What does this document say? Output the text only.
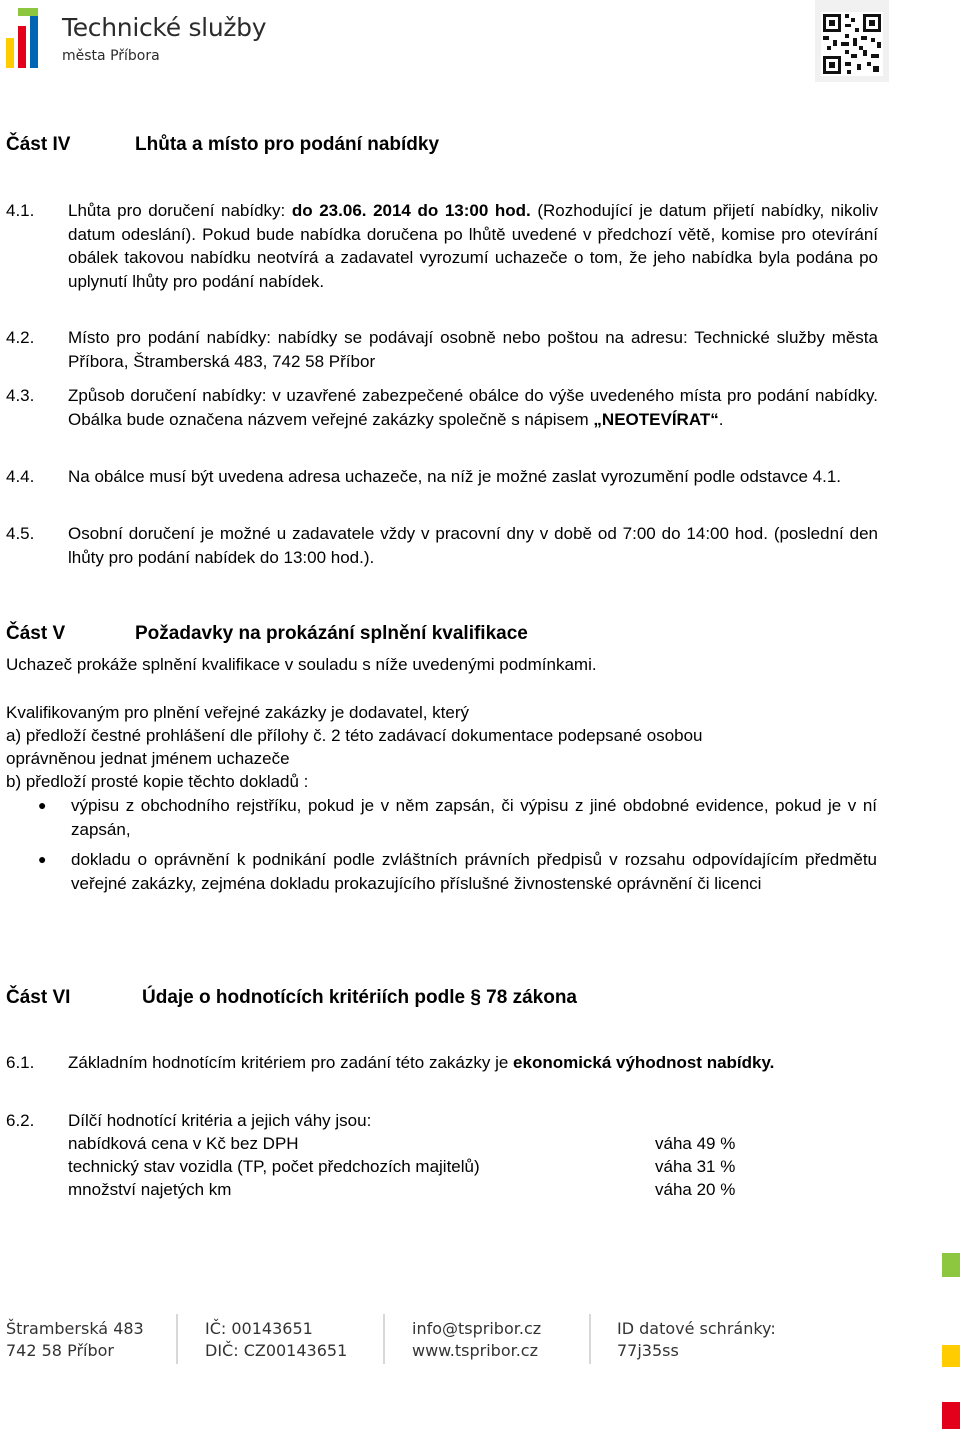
Technické služby
města Příbora
Část IV	Lhůta a místo pro podání nabídky
4.1. Lhůta pro doručení nabídky: do 23.06. 2014 do 13:00 hod. (Rozhodující je datum přijetí nabídky, nikoliv datum odeslání). Pokud bude nabídka doručena po lhůtě uvedené v předchozí větě, komise pro otevírání obálek takovou nabídku neotvírá a zadavatel vyrozumí uchazeče o tom, že jeho nabídka byla podána po uplynutí lhůty pro podání nabídek.
4.2. Místo pro podání nabídky: nabídky se podávají osobně nebo poštou na adresu: Technické služby města Příbora, Štramberská 483, 742 58 Příbor
4.3. Způsob doručení nabídky: v uzavřené zabezpečené obálce do výše uvedeného místa pro podání nabídky. Obálka bude označena názvem veřejné zakázky společně s nápisem „NEOTEVÍRAT“.
4.4. Na obálce musí být uvedena adresa uchazeče, na níž je možné zaslat vyrozumění podle odstavce 4.1.
4.5. Osobní doručení je možné u zadavatele vždy v pracovní dny v době od 7:00 do 14:00 hod. (poslední den lhůty pro podání nabídek do 13:00 hod.).
Část V	Požadavky na prokázání splnění kvalifikace
Uchazeč prokáže splnění kvalifikace v souladu s níže uvedenými podmínkami.
Kvalifikovaným pro plnění veřejné zakázky je dodavatel, který
a) předloží čestné prohlášení dle přílohy č. 2 této zadávací dokumentace podepsané osobou
oprávněnou jednat jménem uchazeče
b) předloží prosté kopie těchto dokladů :
● výpisu z obchodního rejstříku, pokud je v něm zapsán, či výpisu z jiné obdobné evidence, pokud je v ní zapsán,
● dokladu o oprávnění k podnikání podle zvláštních právních předpisů v rozsahu odpovídajícím předmětu veřejné zakázky, zejména dokladu prokazujícího příslušné živnostenské oprávnění či licenci
Část VI	Údaje o hodnotících kritériích podle § 78 zákona
6.1. Základním hodnotícím kritériem pro zadání této zakázky je ekonomická výhodnost nabídky.
6.2. Dílčí hodnotící kritéria a jejich váhy jsou:
nabídková cena v Kč bez DPH	váha 49 %
technický stav vozidla (TP, počet předchozích majitelů)	váha 31 %
množství najetých km	váha 20 %
Štramberská 483
742 58 Příbor
IČ: 00143651
DIČ: CZ00143651
info@tspribor.cz
www.tspribor.cz
ID datové schránky:
77j35ss
